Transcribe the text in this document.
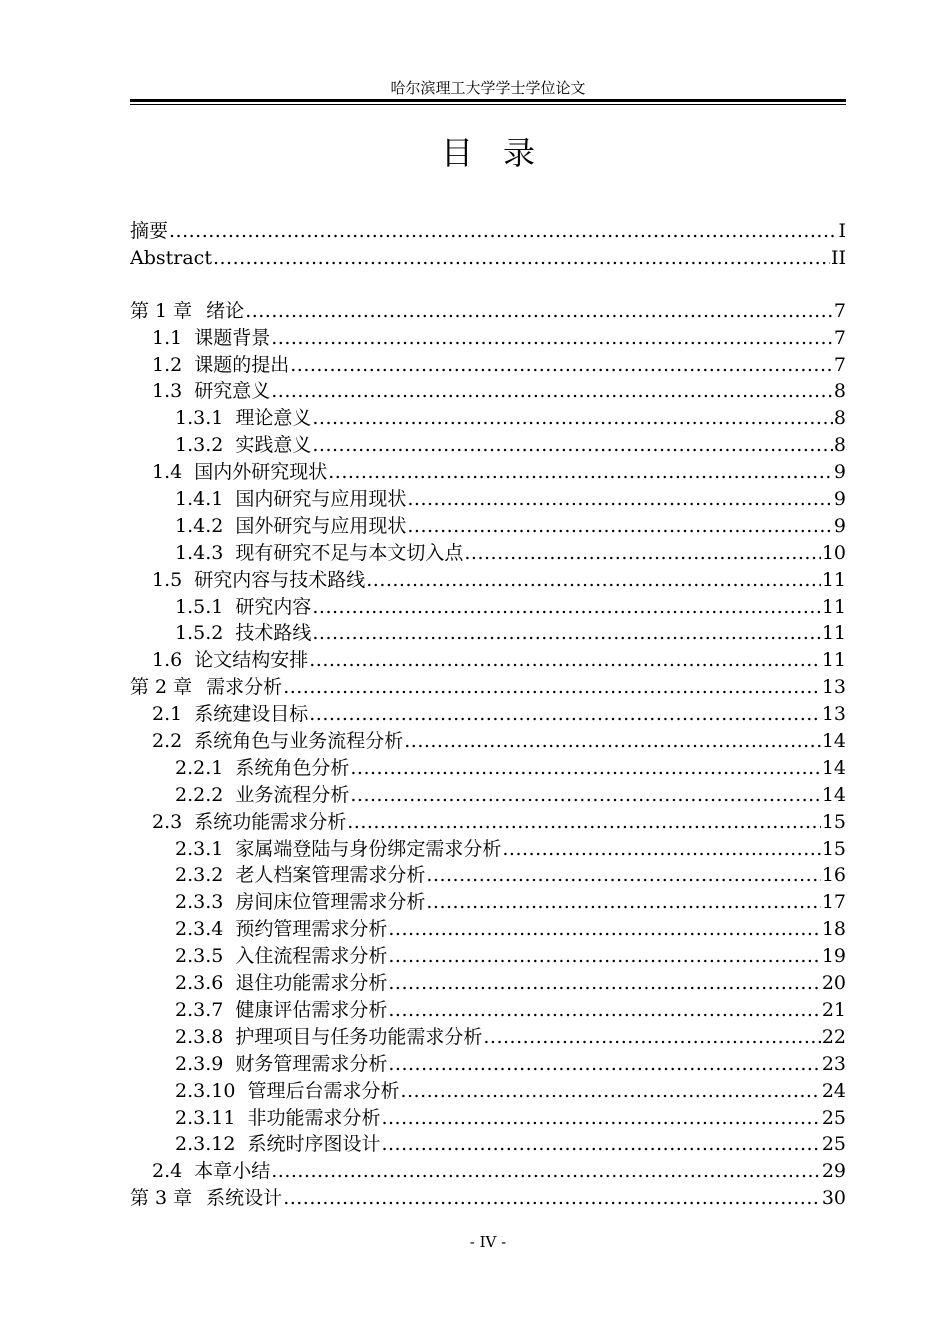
哈尔滨理工大学学士学位论文
目录
摘要 .....	I
Abstract .....	II
第 1 章 绪论 .....	7
1.1 课题背景 .....	7
1.2 课题的提出 .....	7
1.3 研究意义 .....	8
1.3.1 理论意义 .....	8
1.3.2 实践意义 .....	8
1.4 国内外研究现状 .....	9
1.4.1 国内研究与应用现状 .....	9
1.4.2 国外研究与应用现状 .....	9
1.4.3 现有研究不足与本文切入点 .....	10
1.5 研究内容与技术路线 .....	11
1.5.1 研究内容 .....	11
1.5.2 技术路线 .....	11
1.6 论文结构安排 .....	11
第 2 章 需求分析 .....	13
2.1 系统建设目标 .....	13
2.2 系统角色与业务流程分析 .....	14
2.2.1 系统角色分析 .....	14
2.2.2 业务流程分析 .....	14
2.3 系统功能需求分析 .....	15
2.3.1 家属端登陆与身份绑定需求分析 .....	15
2.3.2 老人档案管理需求分析 .....	16
2.3.3 房间床位管理需求分析 .....	17
2.3.4 预约管理需求分析 .....	18
2.3.5 入住流程需求分析 .....	19
2.3.6 退住功能需求分析 .....	20
2.3.7 健康评估需求分析 .....	21
2.3.8 护理项目与任务功能需求分析 .....	22
2.3.9 财务管理需求分析 .....	23
2.3.10 管理后台需求分析 .....	24
2.3.11 非功能需求分析 .....	25
2.3.12 系统时序图设计 .....	25
2.4 本章小结 .....	29
第 3 章 系统设计 .....	30
- IV -
